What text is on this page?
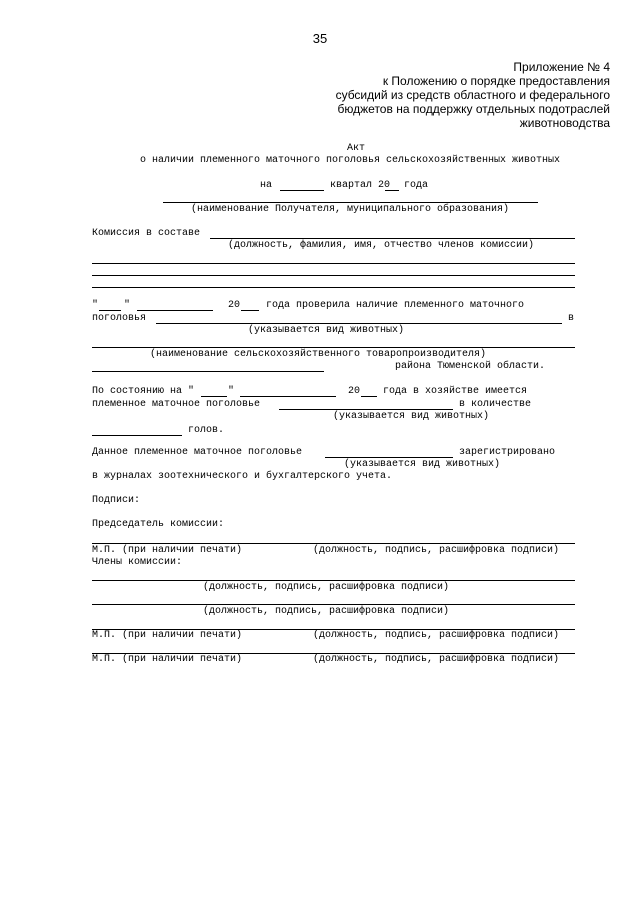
35
Приложение № 4
к Положению о порядке предоставления
субсидий из средств областного и федерального
бюджетов на поддержку отдельных подотраслей
животноводства
Акт
о наличии племенного маточного поголовья сельскохозяйственных животных
на	квартал 20 года
(наименование Получателя, муниципального образования)
Комиссия в составе
(должность, фамилия, имя, отчество членов комиссии)
"	"	20	года проверила наличие племенного маточного
поголовья	в
(указывается вид животных)
(наименование сельскохозяйственного товаропроизводителя)
района Тюменской области.
По состоянию на "	"	20 года в хозяйстве имеется
племенное маточное поголовье	в количестве
(указывается вид животных)
голов.
Данное племенное маточное поголовье	зарегистрировано
(указывается вид животных)
в журналах зоотехнического и бухгалтерского учета.
Подписи:
Председатель комиссии:
М.П. (при наличии печати)	(должность, подпись, расшифровка подписи)
Члены комиссии:
(должность, подпись, расшифровка подписи)
(должность, подпись, расшифровка подписи)
М.П. (при наличии печати)	(должность, подпись, расшифровка подписи)
М.П. (при наличии печати)	(должность, подпись, расшифровка подписи)
